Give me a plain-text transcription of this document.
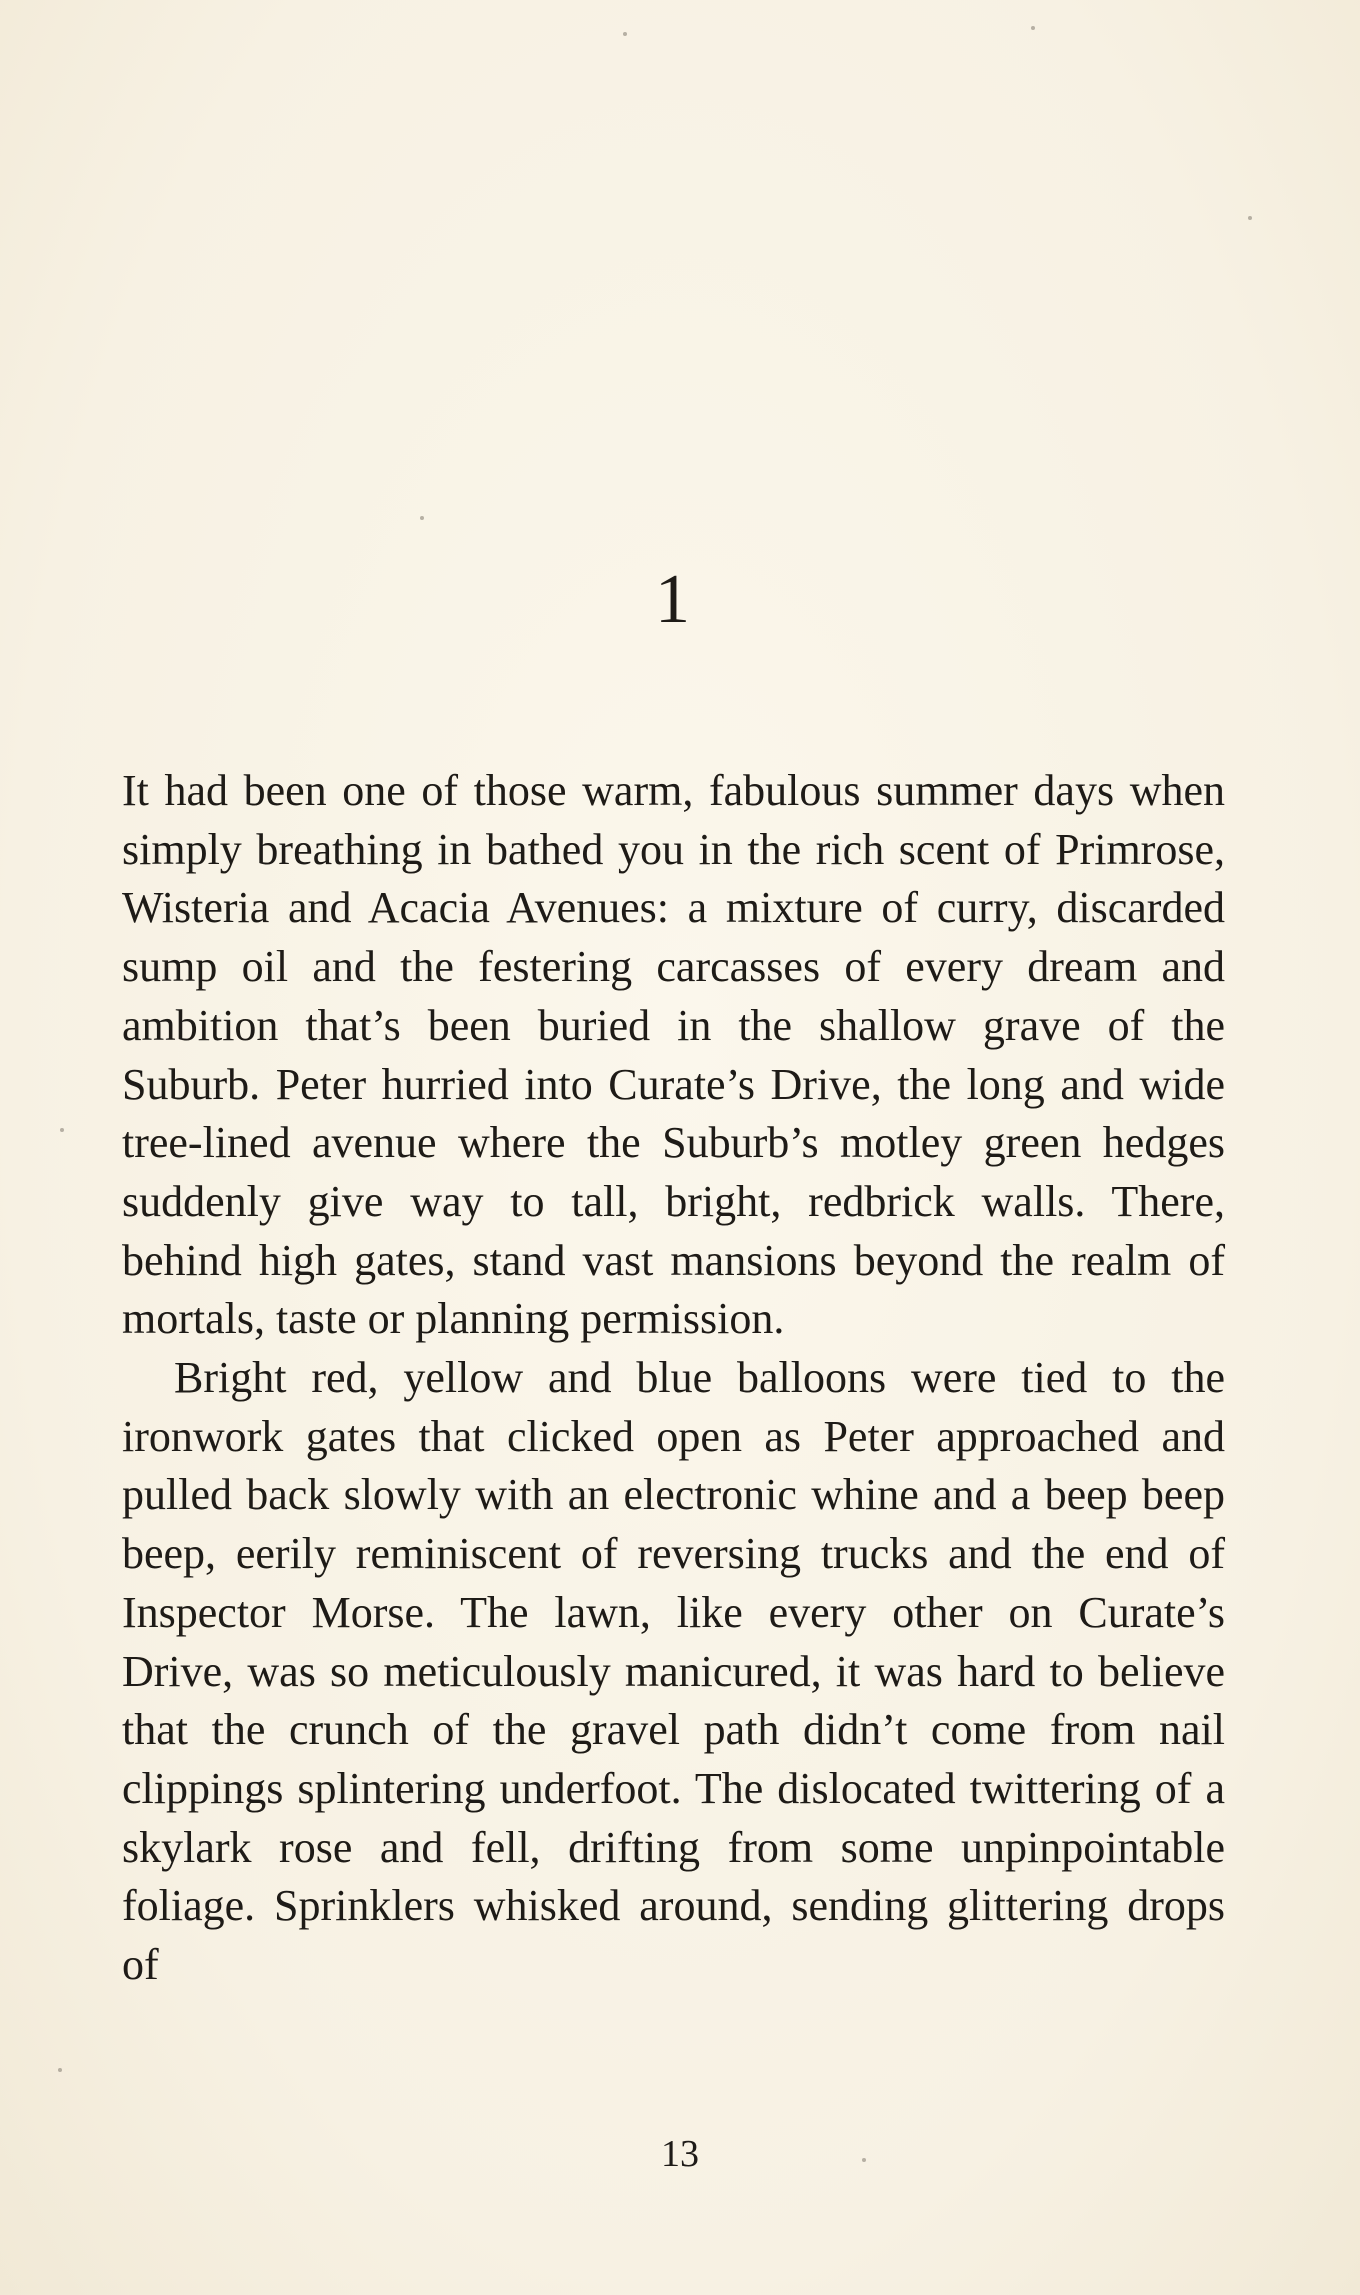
1

It had been one of those warm, fabulous summer days when simply breathing in bathed you in the rich scent of Primrose, Wisteria and Acacia Avenues: a mixture of curry, discarded sump oil and the festering carcasses of every dream and ambition that’s been buried in the shallow grave of the Suburb. Peter hurried into Curate’s Drive, the long and wide tree-lined avenue where the Suburb’s motley green hedges suddenly give way to tall, bright, redbrick walls. There, behind high gates, stand vast mansions beyond the realm of mortals, taste or planning permission.

Bright red, yellow and blue balloons were tied to the ironwork gates that clicked open as Peter approached and pulled back slowly with an electronic whine and a beep beep beep, eerily reminiscent of reversing trucks and the end of Inspector Morse. The lawn, like every other on Curate’s Drive, was so meticulously manicured, it was hard to believe that the crunch of the gravel path didn’t come from nail clippings splintering underfoot. The dislocated twittering of a skylark rose and fell, drifting from some unpinpointable foliage. Sprinklers whisked around, sending glittering drops of

13
